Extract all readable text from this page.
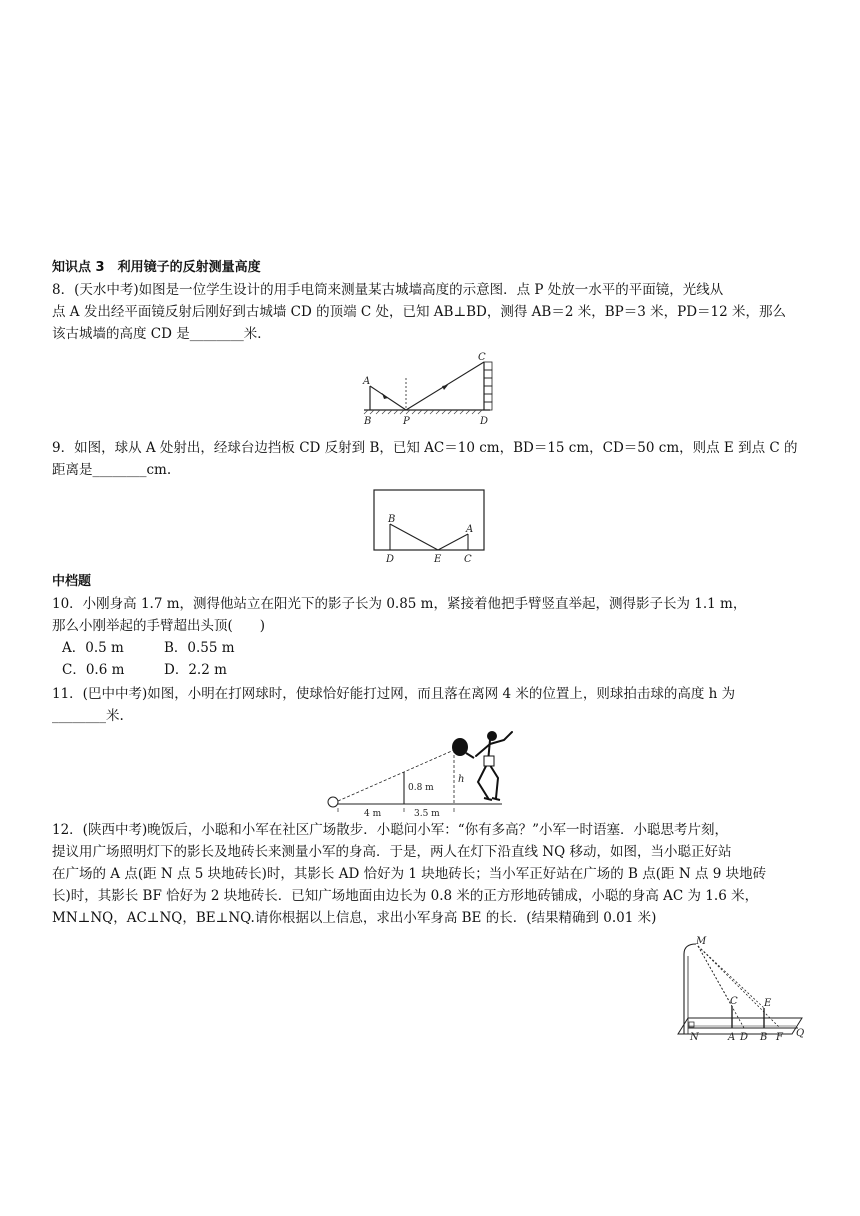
知识点 3　利用镜子的反射测量高度
8．(天水中考)如图是一位学生设计的用手电筒来测量某古城墙高度的示意图．点 P 处放一水平的平面镜，光线从
点 A 发出经平面镜反射后刚好到古城墙 CD 的顶端 C 处，已知 AB⊥BD，测得 AB＝2 米，BP＝3 米，PD＝12 米，那么
该古城墙的高度 CD 是________米．
A
B	P
C
D
9．如图，球从 A 处射出，经球台边挡板 CD 反射到 B，已知 AC＝10 cm，BD＝15 cm，CD＝50 cm，则点 E 到点 C 的
距离是________cm.
B
A
D	E C
中档题
10．小刚身高 1.7 m，测得他站立在阳光下的影子长为 0.85 m，紧接着他把手臂竖直举起，测得影子长为 1.1 m，
那么小刚举起的手臂超出头顶(　　)
A．0.5 m	B．0.55 m
C．0.6 m	D．2.2 m
11．(巴中中考)如图，小明在打网球时，使球恰好能打过网，而且落在离网 4 米的位置上，则球拍击球的高度 h 为
________米.
0.8 m
h
4 m	3.5 m
12．(陕西中考)晚饭后，小聪和小军在社区广场散步．小聪问小军：“你有多高？”小军一时语塞．小聪思考片刻，
提议用广场照明灯下的影长及地砖长来测量小军的身高．于是，两人在灯下沿直线 NQ 移动，如图，当小聪正好站
在广场的 A 点(距 N 点 5 块地砖长)时，其影长 AD 恰好为 1 块地砖长；当小军正好站在广场的 B 点(距 N 点 9 块地砖
长)时，其影长 BF 恰好为 2 块地砖长．已知广场地面由边长为 0.8 米的正方形地砖铺成，小聪的身高 AC 为 1.6 米，
MN⊥NQ，AC⊥NQ，BE⊥NQ.请你根据以上信息，求出小军身高 BE 的长．(结果精确到 0.01 米)
M
C	E
N	A D B F Q
